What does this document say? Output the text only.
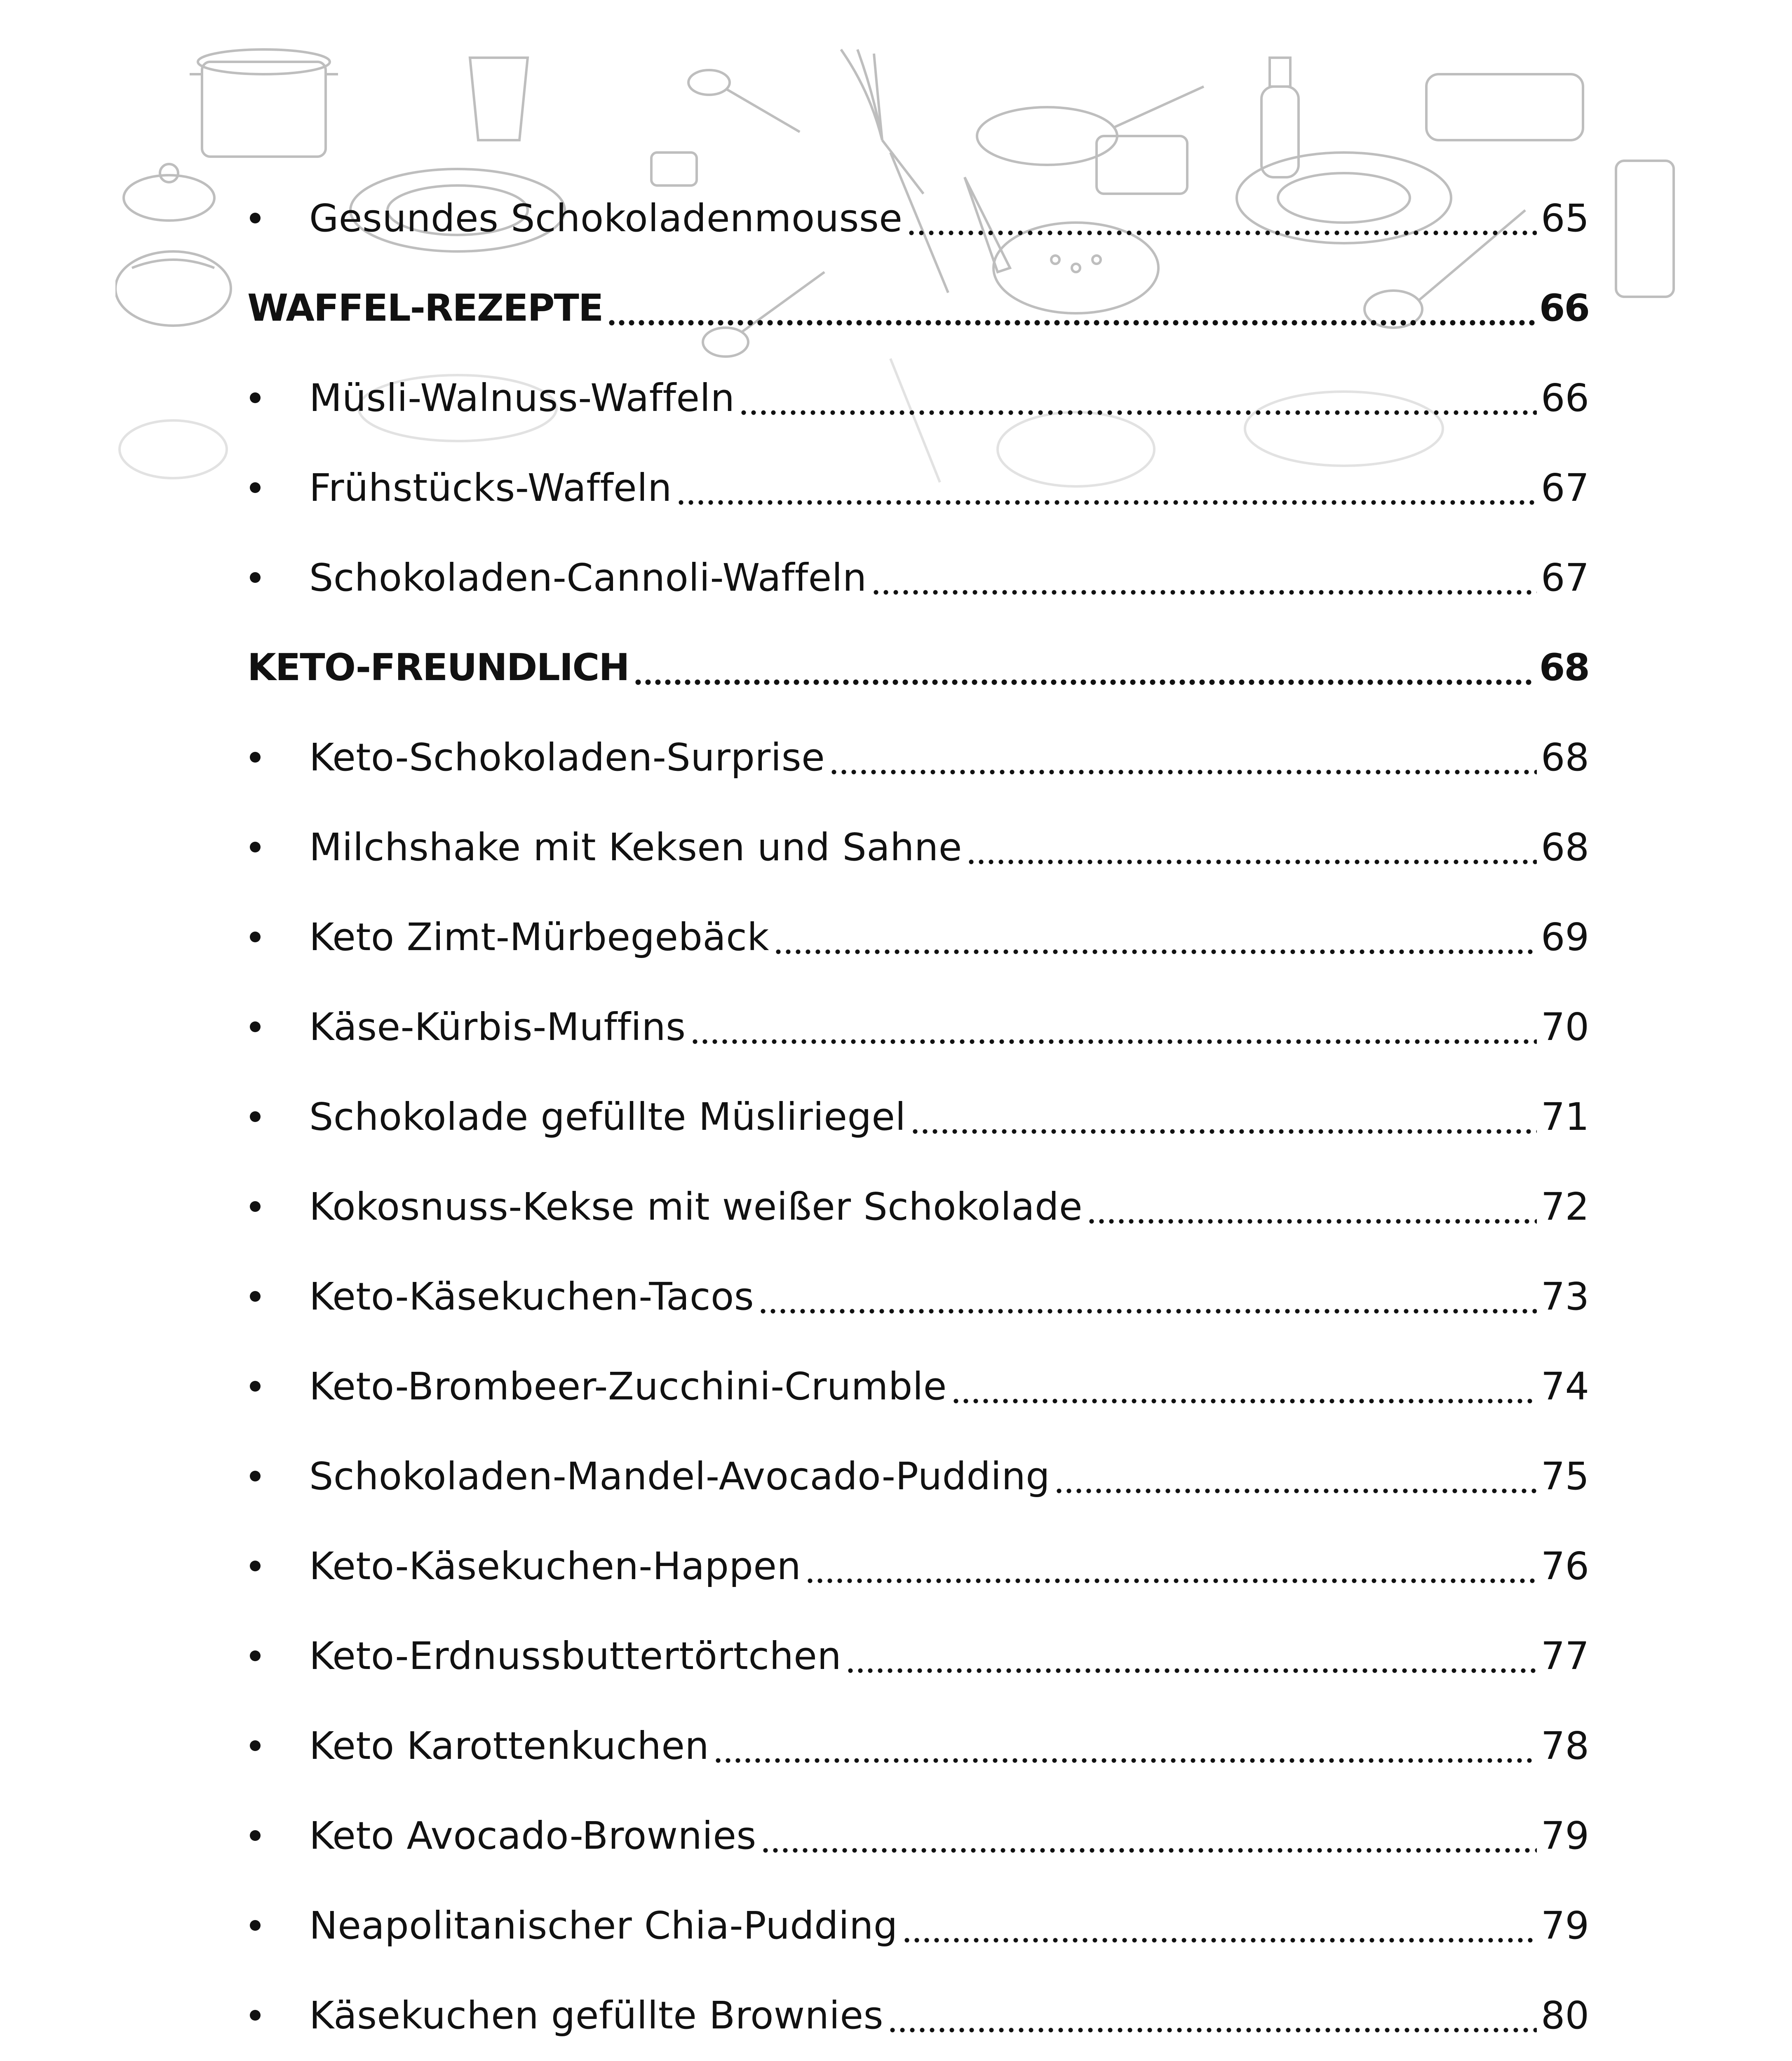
Gesundes Schokoladenmousse	65
WAFFEL-REZEPTE	66
Müsli-Walnuss-Waffeln	66
Frühstücks-Waffeln	67
Schokoladen-Cannoli-Waffeln	67
KETO-FREUNDLICH	68
Keto-Schokoladen-Surprise	68
Milchshake mit Keksen und Sahne	68
Keto Zimt-Mürbegebäck	69
Käse-Kürbis-Muffins	70
Schokolade gefüllte Müsliriegel	71
Kokosnuss-Kekse mit weißer Schokolade	72
Keto-Käsekuchen-Tacos	73
Keto-Brombeer-Zucchini-Crumble	74
Schokoladen-Mandel-Avocado-Pudding	75
Keto-Käsekuchen-Happen	76
Keto-Erdnussbuttertörtchen	77
Keto Karottenkuchen	78
Keto Avocado-Brownies	79
Neapolitanischer Chia-Pudding	79
Käsekuchen gefüllte Brownies	80
